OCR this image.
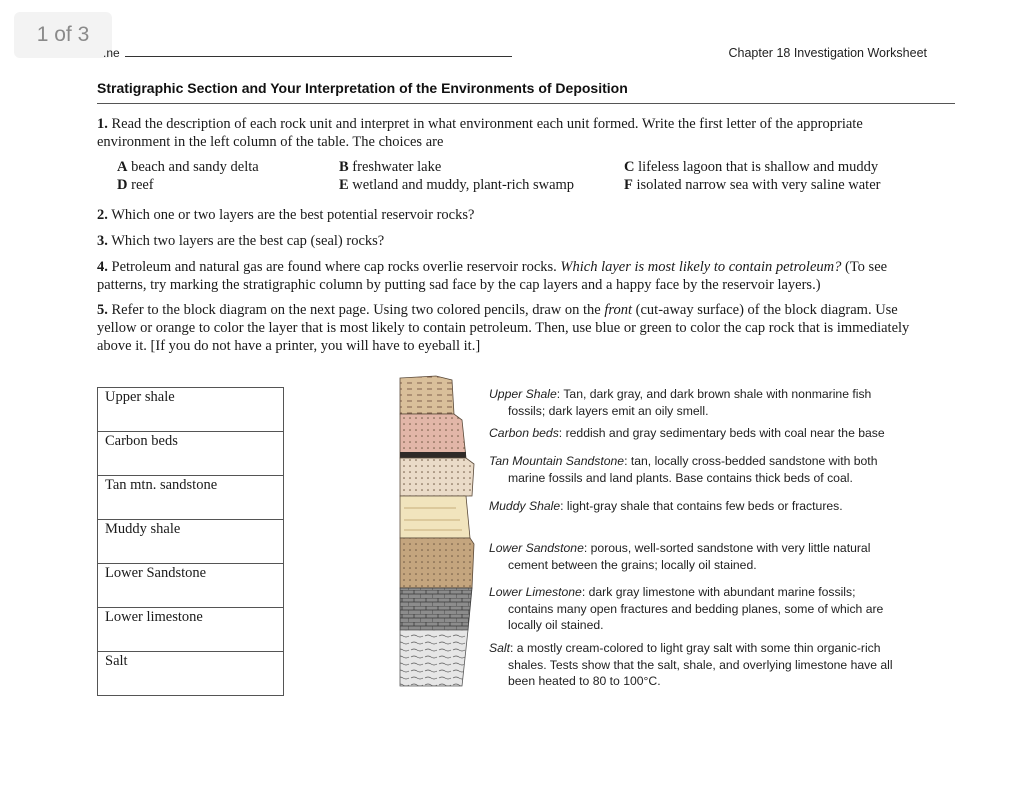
1 of 3
.ne	Chapter 18 Investigation Worksheet
Stratigraphic Section and Your Interpretation of the Environments of Deposition
1. Read the description of each rock unit and interpret in what environment each unit formed. Write the first letter of the appropriate environment in the left column of the table. The choices are
A beach and sandy delta	B freshwater lake	C lifeless lagoon that is shallow and muddy
D reef	E wetland and muddy, plant-rich swamp	F isolated narrow sea with very saline water
2. Which one or two layers are the best potential reservoir rocks?
3. Which two layers are the best cap (seal) rocks?
4. Petroleum and natural gas are found where cap rocks overlie reservoir rocks. Which layer is most likely to contain petroleum? (To see patterns, try marking the stratigraphic column by putting sad face by the cap layers and a happy face by the reservoir layers.)
5. Refer to the block diagram on the next page. Using two colored pencils, draw on the front (cut-away surface) of the block diagram. Use yellow or orange to color the layer that is most likely to contain petroleum. Then, use blue or green to color the cap rock that is immediately above it. [If you do not have a printer, you will have to eyeball it.]
Upper shale
Carbon beds
Tan mtn. sandstone
Muddy shale
Lower Sandstone
Lower limestone
Salt
Upper Shale: Tan, dark gray, and dark brown shale with nonmarine fish
fossils; dark layers emit an oily smell.
Carbon beds: reddish and gray sedimentary beds with coal near the base
Tan Mountain Sandstone: tan, locally cross-bedded sandstone with both
marine fossils and land plants. Base contains thick beds of coal.
Muddy Shale: light-gray shale that contains few beds or fractures.
Lower Sandstone: porous, well-sorted sandstone with very little natural
cement between the grains; locally oil stained.
Lower Limestone: dark gray limestone with abundant marine fossils;
contains many open fractures and bedding planes, some of which are
locally oil stained.
Salt: a mostly cream-colored to light gray salt with some thin organic-rich
shales. Tests show that the salt, shale, and overlying limestone have all
been heated to 80 to 100°C.
